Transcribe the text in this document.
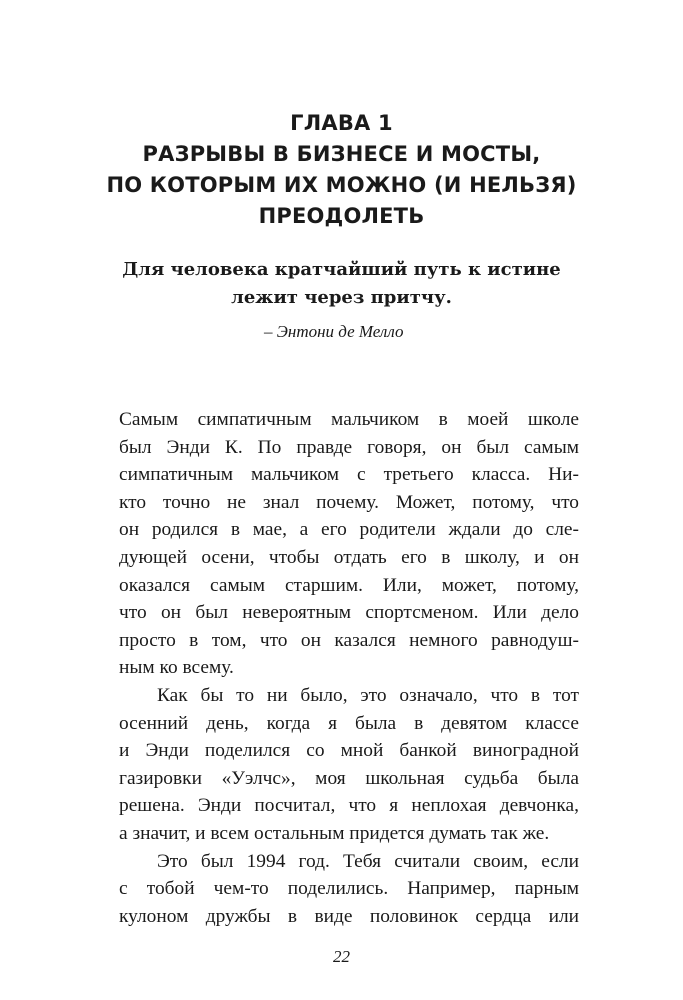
ГЛАВА 1
РАЗРЫВЫ В БИЗНЕСЕ И МОСТЫ,
ПО КОТОРЫМ ИХ МОЖНО (И НЕЛЬЗЯ)
ПРЕОДОЛЕТЬ
Для человека кратчайший путь к истине
лежит через притчу.
– Энтони де Мелло
Самым симпатичным мальчиком в моей школе
был Энди К. По правде говоря, он был самым
симпатичным мальчиком с третьего класса. Ни-
кто точно не знал почему. Может, потому, что
он родился в мае, а его родители ждали до сле-
дующей осени, чтобы отдать его в школу, и он
оказался самым старшим. Или, может, потому,
что он был невероятным спортсменом. Или дело
просто в том, что он казался немного равнодуш-
ным ко всему.
Как бы то ни было, это означало, что в тот
осенний день, когда я была в девятом классе
и Энди поделился со мной банкой виноградной
газировки «Уэлчс», моя школьная судьба была
решена. Энди посчитал, что я неплохая девчонка,
а значит, и всем остальным придется думать так же.
Это был 1994 год. Тебя считали своим, если
с тобой чем-то поделились. Например, парным
кулоном дружбы в виде половинок сердца или
22
